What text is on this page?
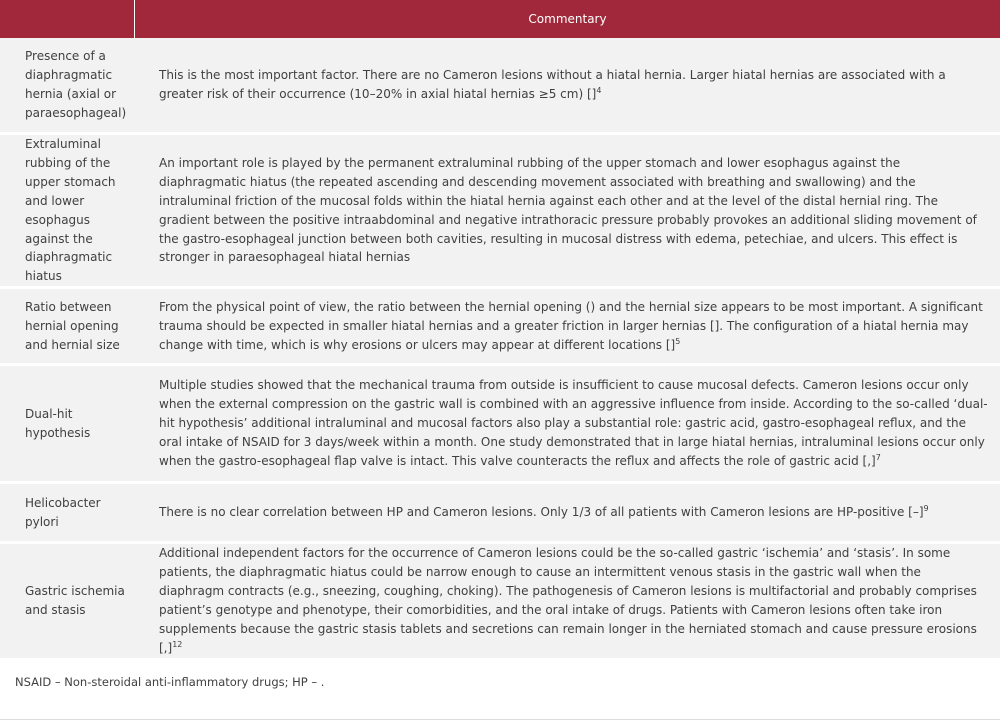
	Commentary
Presence of a diaphragmatic hernia (axial or paraesophageal)	This is the most important factor. There are no Cameron lesions without a hiatal hernia. Larger hiatal hernias are associated with a greater risk of their occurrence (10–20% in axial hiatal hernias ≥5 cm) []$^4$
Extraluminal rubbing of the upper stomach and lower esophagus against the diaphragmatic hiatus	An important role is played by the permanent extraluminal rubbing of the upper stomach and lower esophagus against the diaphragmatic hiatus (the repeated ascending and descending movement associated with breathing and swallowing) and the intraluminal friction of the mucosal folds within the hiatal hernia against each other and at the level of the distal hernial ring. The gradient between the positive intraabdominal and negative intrathoracic pressure probably provokes an additional sliding movement of the gastro-esophageal junction between both cavities, resulting in mucosal distress with edema, petechiae, and ulcers. This effect is stronger in paraesophageal hiatal hernias
Ratio between hernial opening and hernial size	From the physical point of view, the ratio between the hernial opening () and the hernial size appears to be most important. A significant trauma should be expected in smaller hiatal hernias and a greater friction in larger hernias []. The configuration of a hiatal hernia may change with time, which is why erosions or ulcers may appear at different locations []$^5$
Dual-hit hypothesis	Multiple studies showed that the mechanical trauma from outside is insufficient to cause mucosal defects. Cameron lesions occur only when the external compression on the gastric wall is combined with an aggressive influence from inside. According to the so-called ‘dual-hit hypothesis’ additional intraluminal and mucosal factors also play a substantial role: gastric acid, gastro-esophageal reflux, and the oral intake of NSAID for 3 days/week within a month. One study demonstrated that in large hiatal hernias, intraluminal lesions occur only when the gastro-esophageal flap valve is intact. This valve counteracts the reflux and affects the role of gastric acid [,]$^7$
Helicobacter pylori	There is no clear correlation between HP and Cameron lesions. Only 1/3 of all patients with Cameron lesions are HP-positive $[-]^9$
Gastric ischemia and stasis	Additional independent factors for the occurrence of Cameron lesions could be the so-called gastric ‘ischemia’ and ‘stasis’. In some patients, the diaphragmatic hiatus could be narrow enough to cause an intermittent venous stasis in the gastric wall when the diaphragm contracts (e.g., sneezing, coughing, choking). The pathogenesis of Cameron lesions is multifactorial and probably comprises patient’s genotype and phenotype, their comorbidities, and the oral intake of drugs. Patients with Cameron lesions often take iron supplements because the gastric stasis tablets and secretions can remain longer in the herniated stomach and cause pressure erosions [,]$^{12}$
NSAID – Non-steroidal anti-inflammatory drugs; HP – .
